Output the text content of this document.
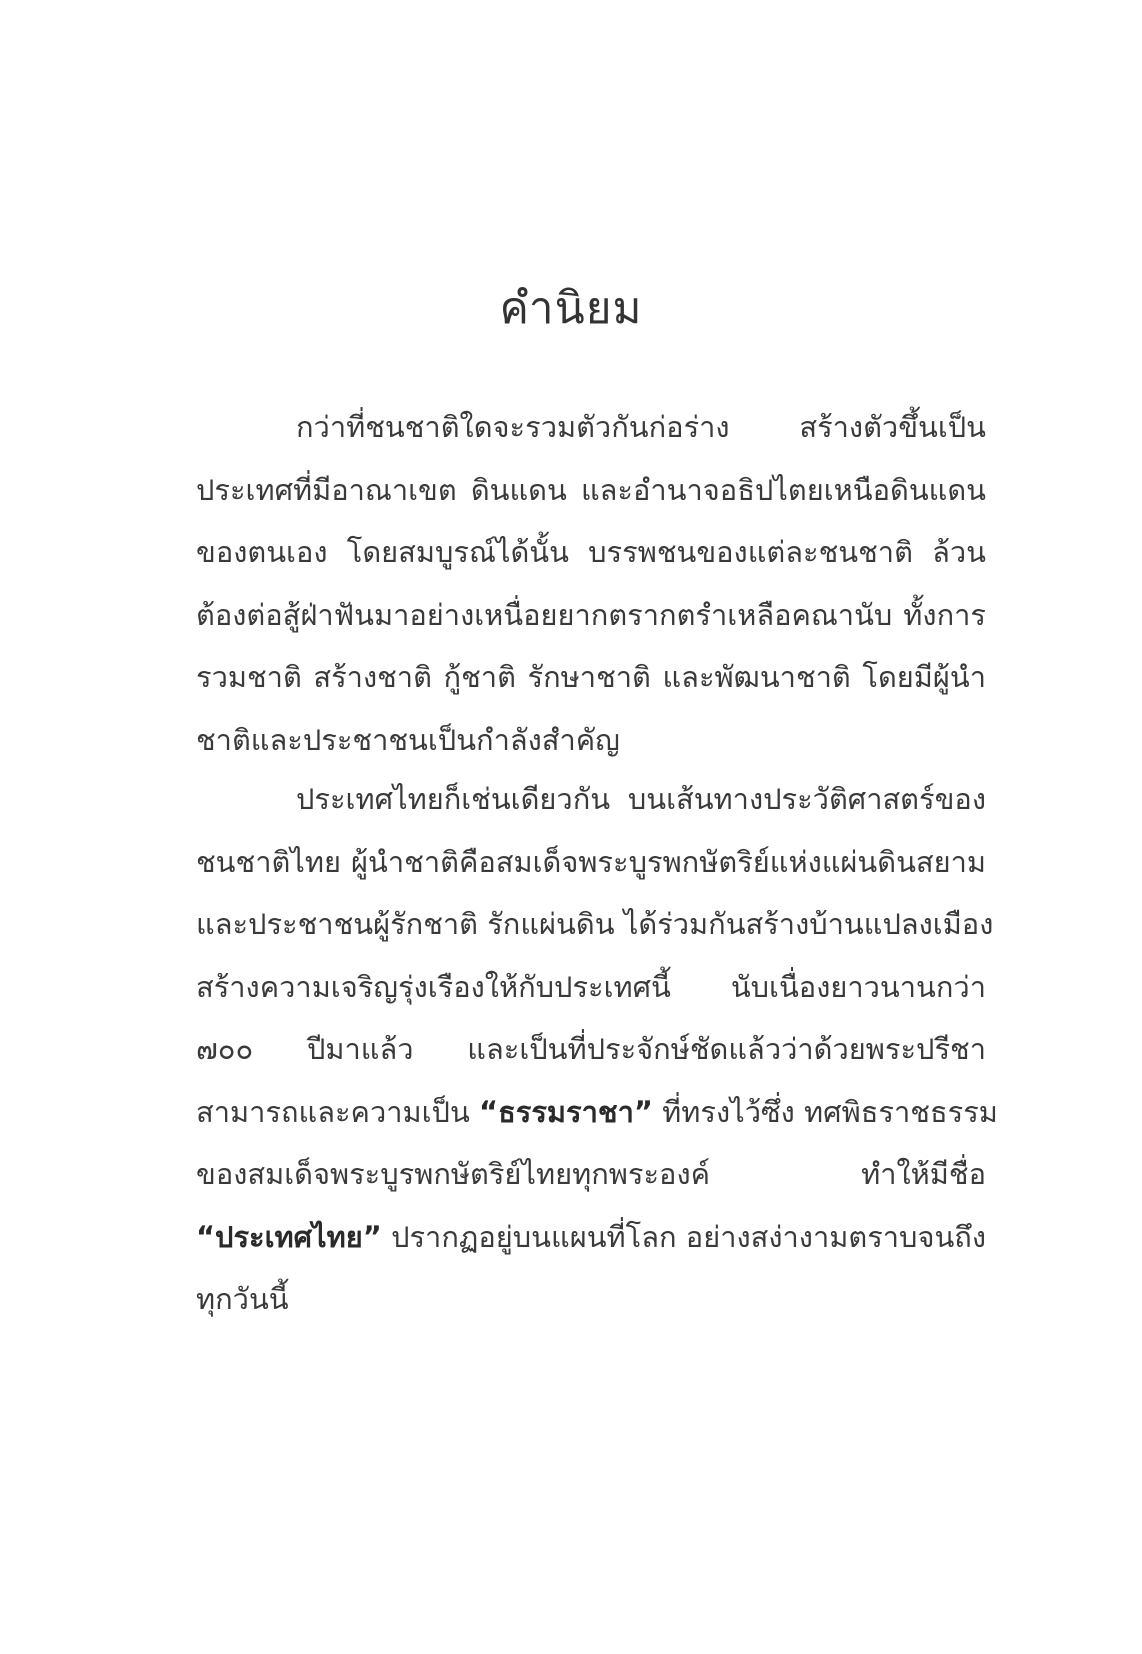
คำนิยม
กว่าที่ชนชาติใดจะรวมตัวกันก่อร่าง สร้างตัวขึ้นเป็น
ประเทศที่มีอาณาเขต ดินแดน และอำนาจอธิปไตยเหนือดินแดน
ของตนเอง โดยสมบูรณ์ได้นั้น บรรพชนของแต่ละชนชาติ ล้วน
ต้องต่อสู้ฝ่าฟันมาอย่างเหนื่อยยากตรากตรำเหลือคณานับ ทั้งการ
รวมชาติ สร้างชาติ กู้ชาติ รักษาชาติ และพัฒนาชาติ โดยมีผู้นำ
ชาติและประชาชนเป็นกำลังสำคัญ
ประเทศไทยก็เช่นเดียวกัน บนเส้นทางประวัติศาสตร์ของ
ชนชาติไทย ผู้นำชาติคือสมเด็จพระบูรพกษัตริย์แห่งแผ่นดินสยาม
และประชาชนผู้รักชาติ รักแผ่นดิน ได้ร่วมกันสร้างบ้านแปลงเมือง
สร้างความเจริญรุ่งเรืองให้กับประเทศนี้ นับเนื่องยาวนานกว่า
๗๐๐ ปีมาแล้ว และเป็นที่ประจักษ์ชัดแล้วว่าด้วยพระปรีชา
สามารถและความเป็น “ธรรมราชา” ที่ทรงไว้ซึ่ง ทศพิธราชธรรม
ของสมเด็จพระบูรพกษัตริย์ไทยทุกพระองค์ ทำให้มีชื่อ
“ประเทศไทย” ปรากฏอยู่บนแผนที่โลก อย่างสง่างามตราบจนถึง
ทุกวันนี้
